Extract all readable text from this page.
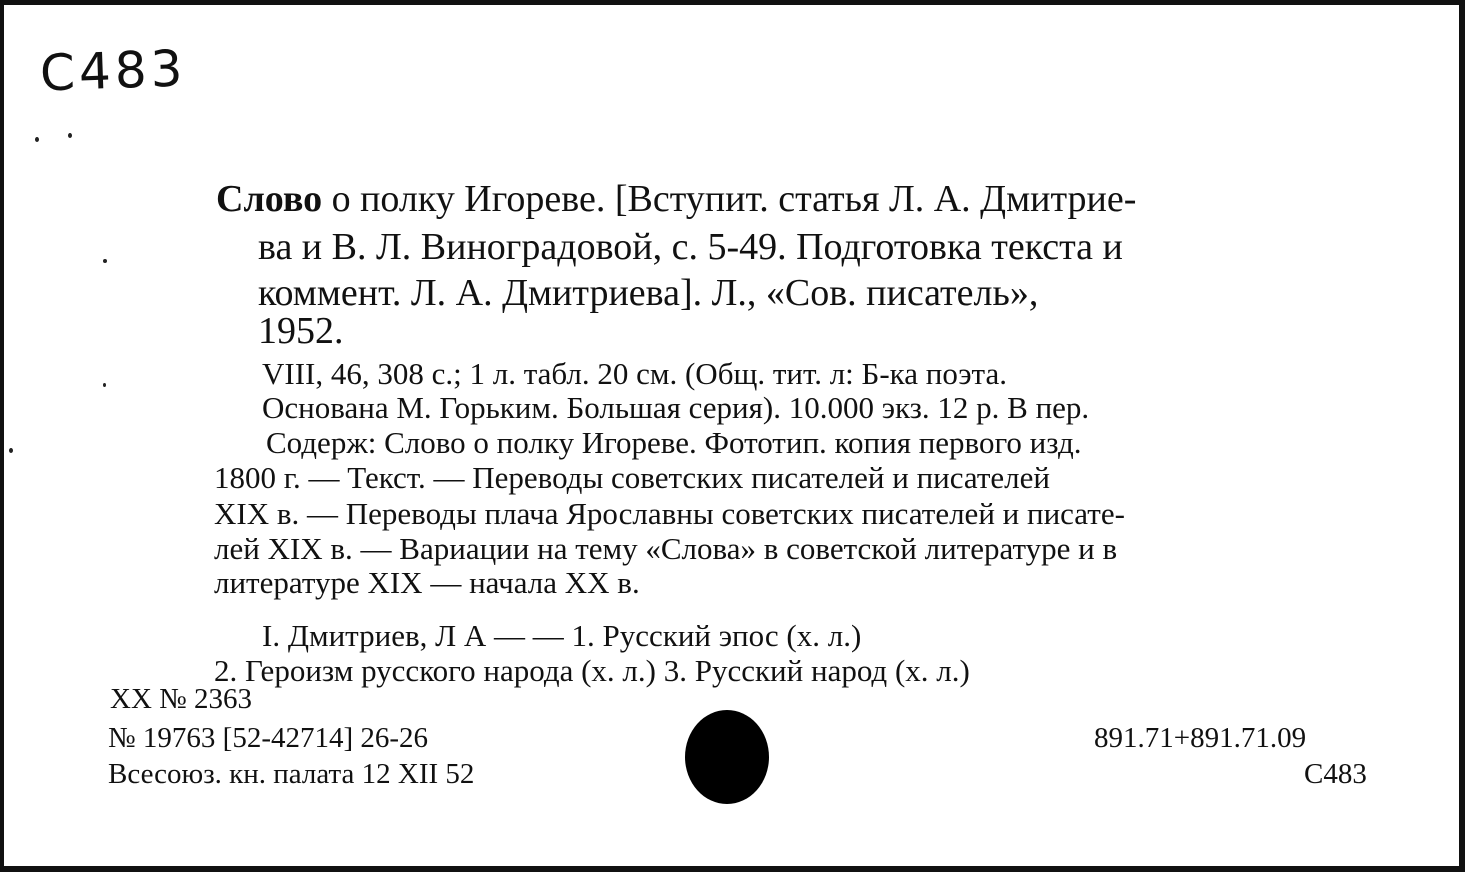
С483
Слово о полку Игореве. [Вступит. статья Л. А. Дмитрие-
ва и В. Л. Виноградовой, с. 5-49. Подготовка текста и
коммент. Л. А. Дмитриева]. Л., «Сов. писатель»,
1952.
VIII, 46, 308 с.; 1 л. табл. 20 см. (Общ. тит. л: Б-ка поэта.
Основана М. Горьким. Большая серия). 10.000 экз. 12 р. В пер.
Содерж: Слово о полку Игореве. Фототип. копия первого изд.
1800 г. — Текст. — Переводы советских писателей и писателей
XIX в. — Переводы плача Ярославны советских писателей и писате-
лей XIX в. — Вариации на тему «Слова» в советской литературе и в
литературе XIX — начала XX в.
I. Дмитриев, Л А — — 1. Русский эпос (х. л.)
2. Героизм русского народа (х. л.) 3. Русский народ (х. л.)
XX № 2363
№ 19763 [52-42714] 26-26
Всесоюз. кн. палата 12 XII 52
891.71+891.71.09
С483
